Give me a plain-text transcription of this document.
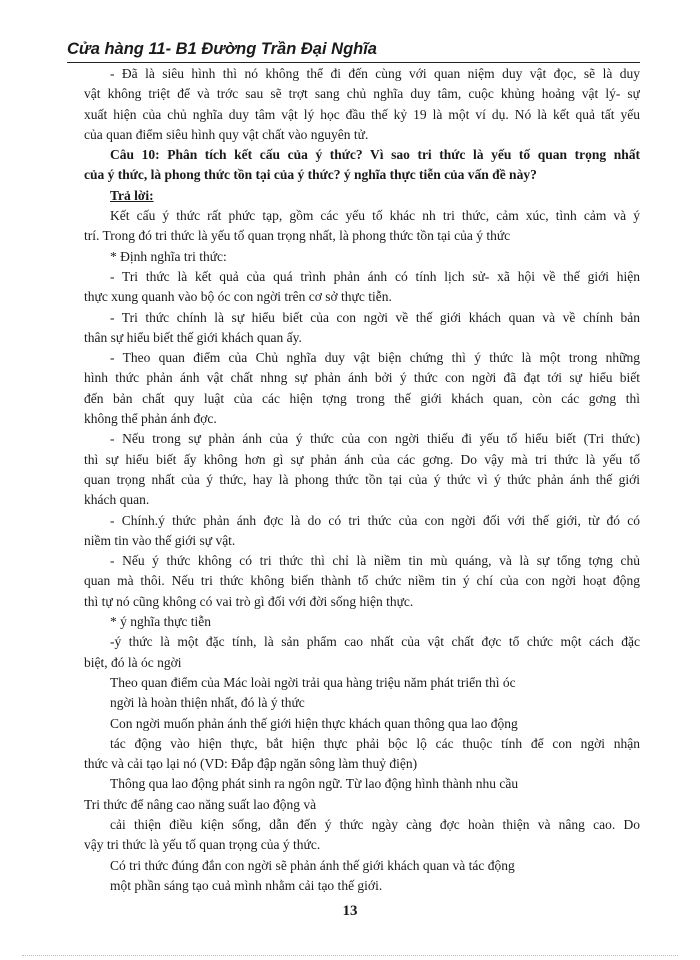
Cửa hàng 11- B1 Đường Trần Đại Nghĩa
- Đã là siêu hình thì nó không thể đi đến cùng với quan niệm duy vật đọc, sẽ là duy
vật không triệt để và trớc sau sẽ trợt sang chủ nghĩa duy tâm, cuộc khủng hoảng vật lý- sự
xuất hiện của chủ nghĩa duy tâm vật lý học đầu thế kỷ 19 là một ví dụ. Nó là kết quả tất yếu
của quan điểm siêu hình quy vật chất vào nguyên tử.
Câu 10: Phân tích kết cấu của ý thức? Vì sao tri thức là yếu tố quan trọng nhất
của ý thức, là phong thức tồn tại của ý thức? ý nghĩa thực tiễn của vấn đề này?
Trả lời:
Kết cấu ý thức rất phức tạp, gồm các yếu tố khác nh tri thức, cảm xúc, tình cảm và ý
trí. Trong đó tri thức là yếu tố quan trọng nhất, là phong thức tồn tại của ý thức
* Định nghĩa tri thức:
- Tri thức là kết quả của quá trình phản ánh có tính lịch sử- xã hội về thế giới hiện
thực xung quanh vào bộ óc con ngời trên cơ sở thực tiễn.
- Tri thức chính là sự hiểu biết của con ngời về thế giới khách quan và về chính bản
thân sự hiểu biết thế giới khách quan ấy.
- Theo quan điểm của Chủ nghĩa duy vật biện chứng thì ý thức là một trong những
hình thức phản ánh vật chất nhng sự phản ánh bởi ý thức con ngời đã đạt tới sự hiểu biết
đến bản chất quy luật của các hiện tợng trong thế giới khách quan, còn các gơng thì
không thể phản ánh đợc.
- Nếu trong sự phản ánh của ý thức của con ngời thiếu đi yếu tố hiểu biết (Tri thức)
thì sự hiểu biết ấy không hơn gì sự phản ánh của các gơng. Do vậy mà tri thức là yếu tố
quan trọng nhất của ý thức, hay là phong thức tồn tại của ý thức vì ý thức phản ánh thế giới
khách quan.
- Chính.ý thức phản ánh đợc là do có tri thức của con ngời đối với thế giới, từ đó có
niềm tin vào thế giới sự vật.
- Nếu ý thức không có tri thức thì chỉ là niềm tin mù quáng, và là sự tổng tợng chủ
quan mà thôi. Nếu tri thức không biến thành tổ chức niềm tin ý chí của con ngời hoạt động
thì tự nó cũng không có vai trò gì đối với đời sống hiện thực.
* ý nghĩa thực tiễn
-ý thức là một đặc tính, là sản phẩm cao nhất của vật chất đợc tổ chức một cách đặc
biệt, đó là óc ngời
Theo quan điểm của Mác loài ngời trải qua hàng triệu năm phát triển thì óc
ngời là hoàn thiện nhất, đó là ý thức
Con ngời muốn phản ánh thế giới hiện thực khách quan thông qua lao động
tác động vào hiện thực, bắt hiện thực phải bộc lộ các thuộc tính để con ngời nhận
thức và cải tạo lại nó (VD: Đắp đập ngăn sông làm thuỷ điện)
Thông qua lao động phát sinh ra ngôn ngữ. Từ lao động hình thành nhu cầu
Tri thức để nâng cao năng suất lao động và
cải thiện điều kiện sống, dẫn đến ý thức ngày càng đợc hoàn thiện và nâng cao. Do
vậy tri thức là yếu tố quan trọng của ý thức.
Có tri thức đúng đắn con ngời sẽ phản ánh thế giới khách quan và tác động
một phần sáng tạo cuả mình nhằm cải tạo thế giới.
13
